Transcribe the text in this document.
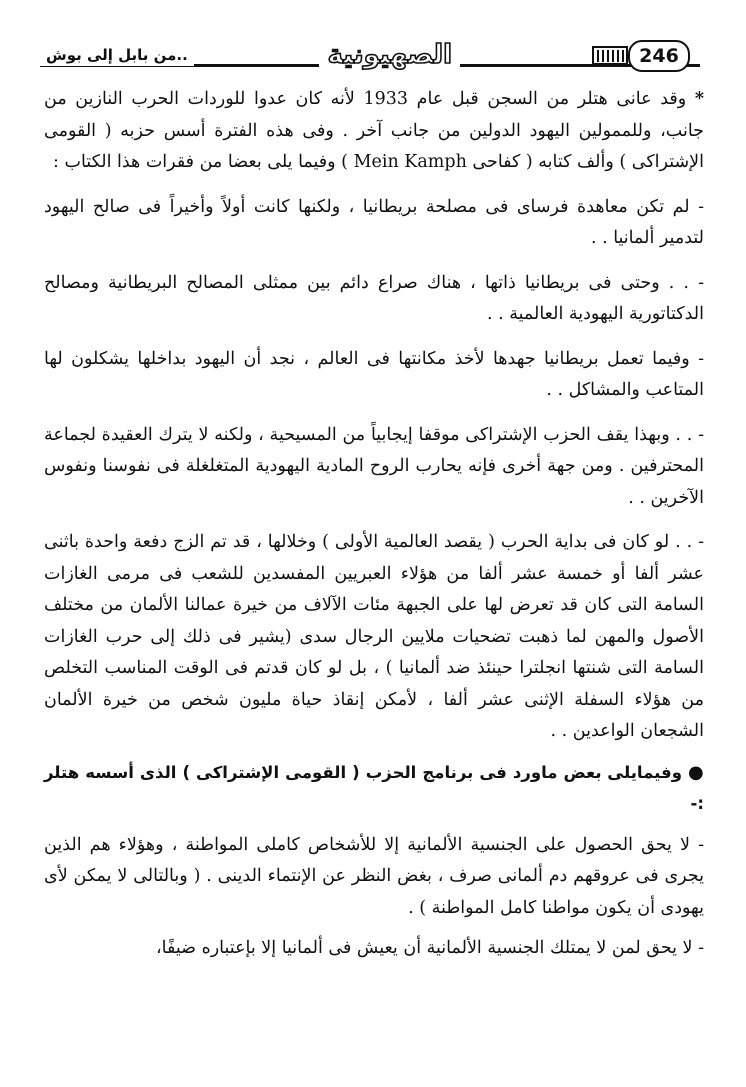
..من بابل إلى بوش	الصهيونية	246

* وقد عانى هتلر من السجن قبل عام 1933 لأنه كان عدوا للوردات الحرب النازين من جانب، وللممولين اليهود الدولين من جانب آخر . وفى هذه الفترة أسس حزبه ( القومى الإشتراكى ) وألف كتابه ( كفاحى Mein Kamph ) وفيما يلى بعضا من فقرات هذا الكتاب :

- لم تكن معاهدة فرساى فى مصلحة بريطانيا ، ولكنها كانت أولاً وأخيراً فى صالح اليهود لتدمير ألمانيا . .

- . . وحتى فى بريطانيا ذاتها ، هناك صراع دائم بين ممثلى المصالح البريطانية ومصالح الدكتاتورية اليهودية العالمية . .

- وفيما تعمل بريطانيا جهدها لأخذ مكانتها فى العالم ، نجد أن اليهود بداخلها يشكلون لها المتاعب والمشاكل . .

- . . وبهذا يقف الحزب الإشتراكى موقفا إيجابياً من المسيحية ، ولكنه لا يترك العقيدة لجماعة المحترفين . ومن جهة أخرى فإنه يحارب الروح المادية اليهودية المتغلغلة فى نفوسنا ونفوس الآخرين . .

- . . لو كان فى بداية الحرب ( يقصد العالمية الأولى ) وخلالها ، قد تم الزج دفعة واحدة باثنى عشر ألفا أو خمسة عشر ألفا من هؤلاء العبريين المفسدين للشعب فى مرمى الغازات السامة التى كان قد تعرض لها على الجبهة مئات الآلاف من خيرة عمالنا الألمان من مختلف الأصول والمهن لما ذهبت تضحيات ملايين الرجال سدى (يشير فى ذلك إلى حرب الغازات السامة التى شنتها انجلترا حينئذ ضد ألمانيا ) ، بل لو كان قدتم فى الوقت المناسب التخلص من هؤلاء السفلة الإثنى عشر ألفا ، لأمكن إنقاذ حياة مليون شخص من خيرة الألمان الشجعان الواعدين . .

● وفيمايلى بعض ماورد فى برنامج الحزب ( القومى الإشتراكى ) الذى أسسه هتلر :-

- لا يحق الحصول على الجنسية الألمانية إلا للأشخاص كاملى المواطنة ، وهؤلاء هم الذين يجرى فى عروقهم دم ألمانى صرف ، بغض النظر عن الإنتماء الدينى . ( وبالتالى لا يمكن لأى يهودى أن يكون مواطنا كامل المواطنة ) .

- لا يحق لمن لا يمتلك الجنسية الألمانية أن يعيش فى ألمانيا إلا بإعتباره ضيفًا،
